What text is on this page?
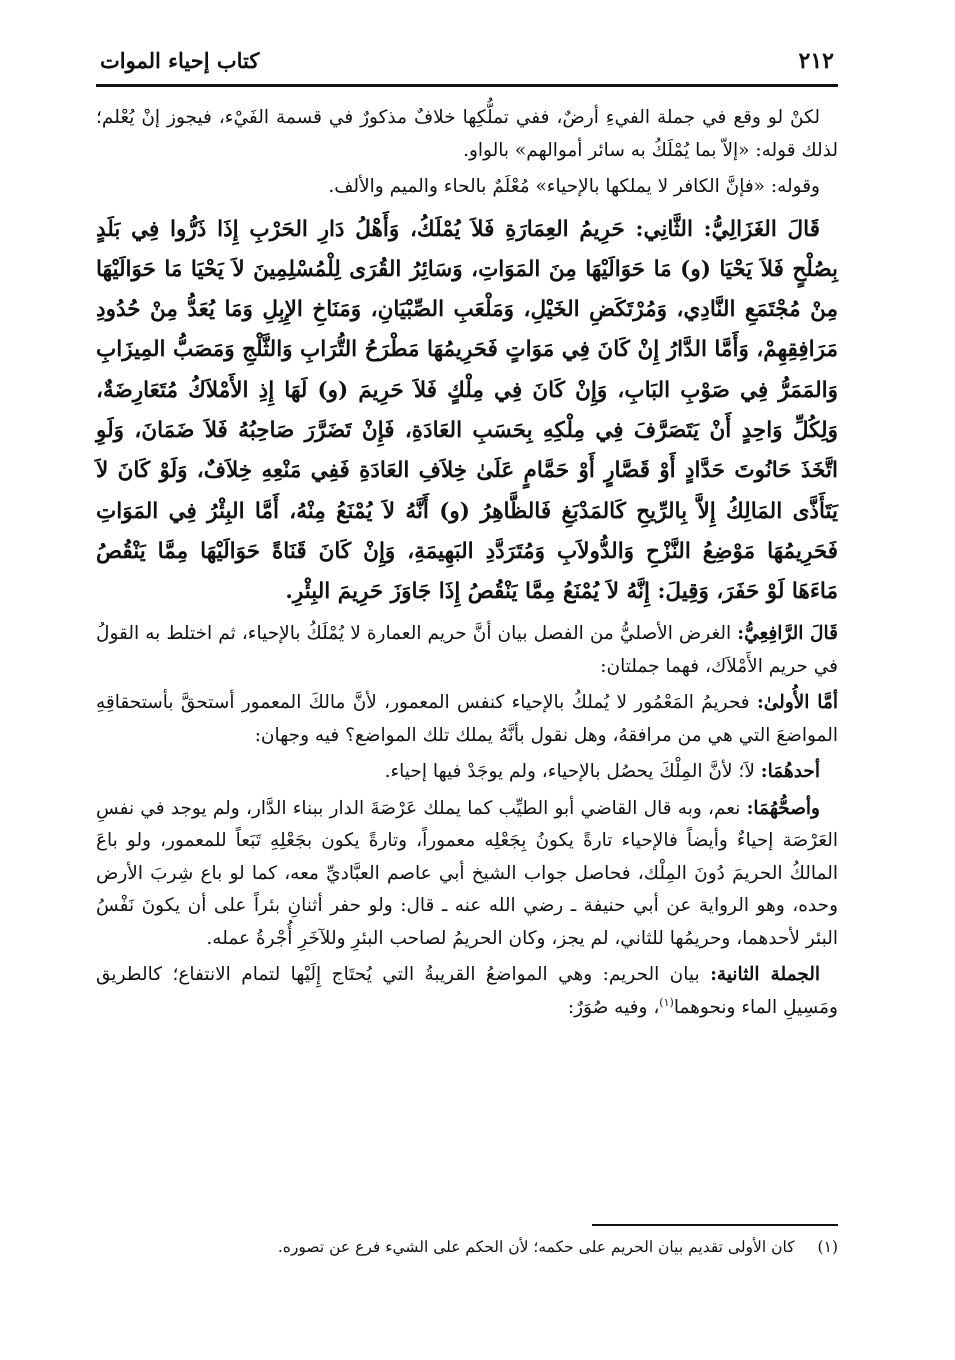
٢١٢
كتاب إحياء الموات

لكنْ لو وقع في جملة الفيءِ أرضٌ، ففي تملُّكِها خلافٌ مذكورٌ في قسمة الفَيْء، فيجوز إنْ يُعْلم؛ لذلك قوله: «إلاّ بما يُمْلَكُ به سائر أموالهم» بالواو.

وقوله: «فإنَّ الكافر لا يملكها بالإحياء» مُعْلَمٌ بالحاء والميم والألف.

قَالَ الغَزَالِيُّ: الثَّانِي: حَرِيمُ العِمَارَةِ فَلاَ يُمْلَكُ، وَأَهْلُ دَارِ الحَرْبِ إِذَا ذَرُّوا فِي بَلَدٍ بِصُلْحٍ فَلاَ يَحْيَا (و) مَا حَوَالَيْهَا مِنَ المَوَاتِ، وَسَائِرُ القُرَى لِلْمُسْلِمِينَ لاَ يَحْيَا مَا حَوَالَيْهَا مِنْ مُجْتَمَعِ النَّادِي، وَمُرْتَكَضِ الخَيْلِ، وَمَلْعَبِ الصِّبْيَانِ، وَمَنَاخِ الإِبِلِ وَمَا يُعَدُّ مِنْ حُدُودِ مَرَافِقِهِمْ، وَأَمَّا الدَّارُ إِنْ كَانَ فِي مَوَاتٍ فَحَرِيمُهَا مَطْرَحُ التُّرَابِ وَالثَّلْجِ وَمَصَبُّ المِيزَابِ وَالمَمَرُّ فِي صَوْبِ البَابِ، وَإِنْ كَانَ فِي مِلْكٍ فَلاَ حَرِيمَ (و) لَهَا إِذِ الأَمْلاَكُ مُتَعَارِضَةٌ، وَلِكُلِّ وَاحِدٍ أَنْ يَتَصَرَّفَ فِي مِلْكِهِ بِحَسَبِ العَادَةِ، فَإِنْ تَضَرَّرَ صَاحِبُهُ فَلاَ ضَمَانَ، وَلَوِ اتَّخَذَ حَانُوتَ حَدَّادٍ أَوْ قَصَّارٍ أَوْ حَمَّامٍ عَلَىٰ خِلاَفِ العَادَةِ فَفِي مَنْعِهِ خِلاَفٌ، وَلَوْ كَانَ لاَ يَتَأَذَّى المَالِكُ إِلاَّ بِالرِّيحِ كَالمَدْبَغِ فَالظَّاهِرُ (و) أَنَّهُ لاَ يُمْنَعُ مِنْهُ، أَمَّا البِئْرُ فِي المَوَاتِ فَحَرِيمُهَا مَوْضِعُ النَّزْحِ وَالدُّولاَبِ وَمُتَرَدَّدِ البَهِيمَةِ، وَإِنْ كَانَ قَنَاةً حَوَالَيْهَا مِمَّا يَنْقُصُ مَاءَهَا لَوْ حَفَرَ، وَقِيلَ: إِنَّهُ لاَ يُمْنَعُ مِمَّا يَنْقُصُ إِذَا جَاوَزَ حَرِيمَ البِئْرِ.

قَالَ الرَّافِعِيُّ: الغرض الأصليُّ من الفصل بيان أنَّ حريم العمارة لا يُمْلَكُ بالإحياء، ثم اختلط به القولُ في حريم الأَمْلاَك، فهما جملتان:

أمَّا الأُولىٰ: فحريمُ المَعْمُور لا يُملكُ بالإحياء كنفس المعمور، لأنَّ مالكَ المعمور أستحقَّ بأستحقاقِهِ المواضعَ التي هي من مرافقهُ، وهل نقول بأنَّهُ يملك تلك المواضع؟ فيه وجهان:

أحدهُمَا: لاَ؛ لأنَّ المِلْكَ يحصُل بالإحياء، ولم يوجَدْ فيها إحياء.

وأصحُّهُمَا: نعم، وبه قال القاضي أبو الطيِّب كما يملك عَرْصَةَ الدار ببناء الدَّار، ولم يوجد في نفسِ العَرْصَة إحياءٌ وأيضاً فالإحياء تارةً يكونُ بِجَعْلِه معموراً، وتارةً يكون بجَعْلِهِ تَبَعاً للمعمور، ولو باعَ المالكُ الحريمَ دُونَ المِلْك، فحاصل جواب الشيخ أبي عاصم العبَّاديِّ معه، كما لو باع شِربَ الأرض وحده، وهو الرواية عن أبي حنيفة ـ رضي الله عنه ـ قال: ولو حفر أثنانِ بئراً على أن يكونَ نَفْسُ البئر لأحدهما، وحريمُها للثاني، لم يجز، وكان الحريمُ لصاحب البئرِ وللآخَرِ أُجْرةُ عمله.

الجملة الثانية: بيان الحريم: وهي المواضعُ القريبةُ التي يُحتَاج إِلَيْها لتمام الانتفاع؛ كالطريق ومَسِيلِ الماء ونحوهما$^{(١)}$، وفيه صُوَرٌ:

(١) كان الأولى تقديم بيان الحريم على حكمه؛ لأن الحكم على الشيء فرع عن تصوره.
